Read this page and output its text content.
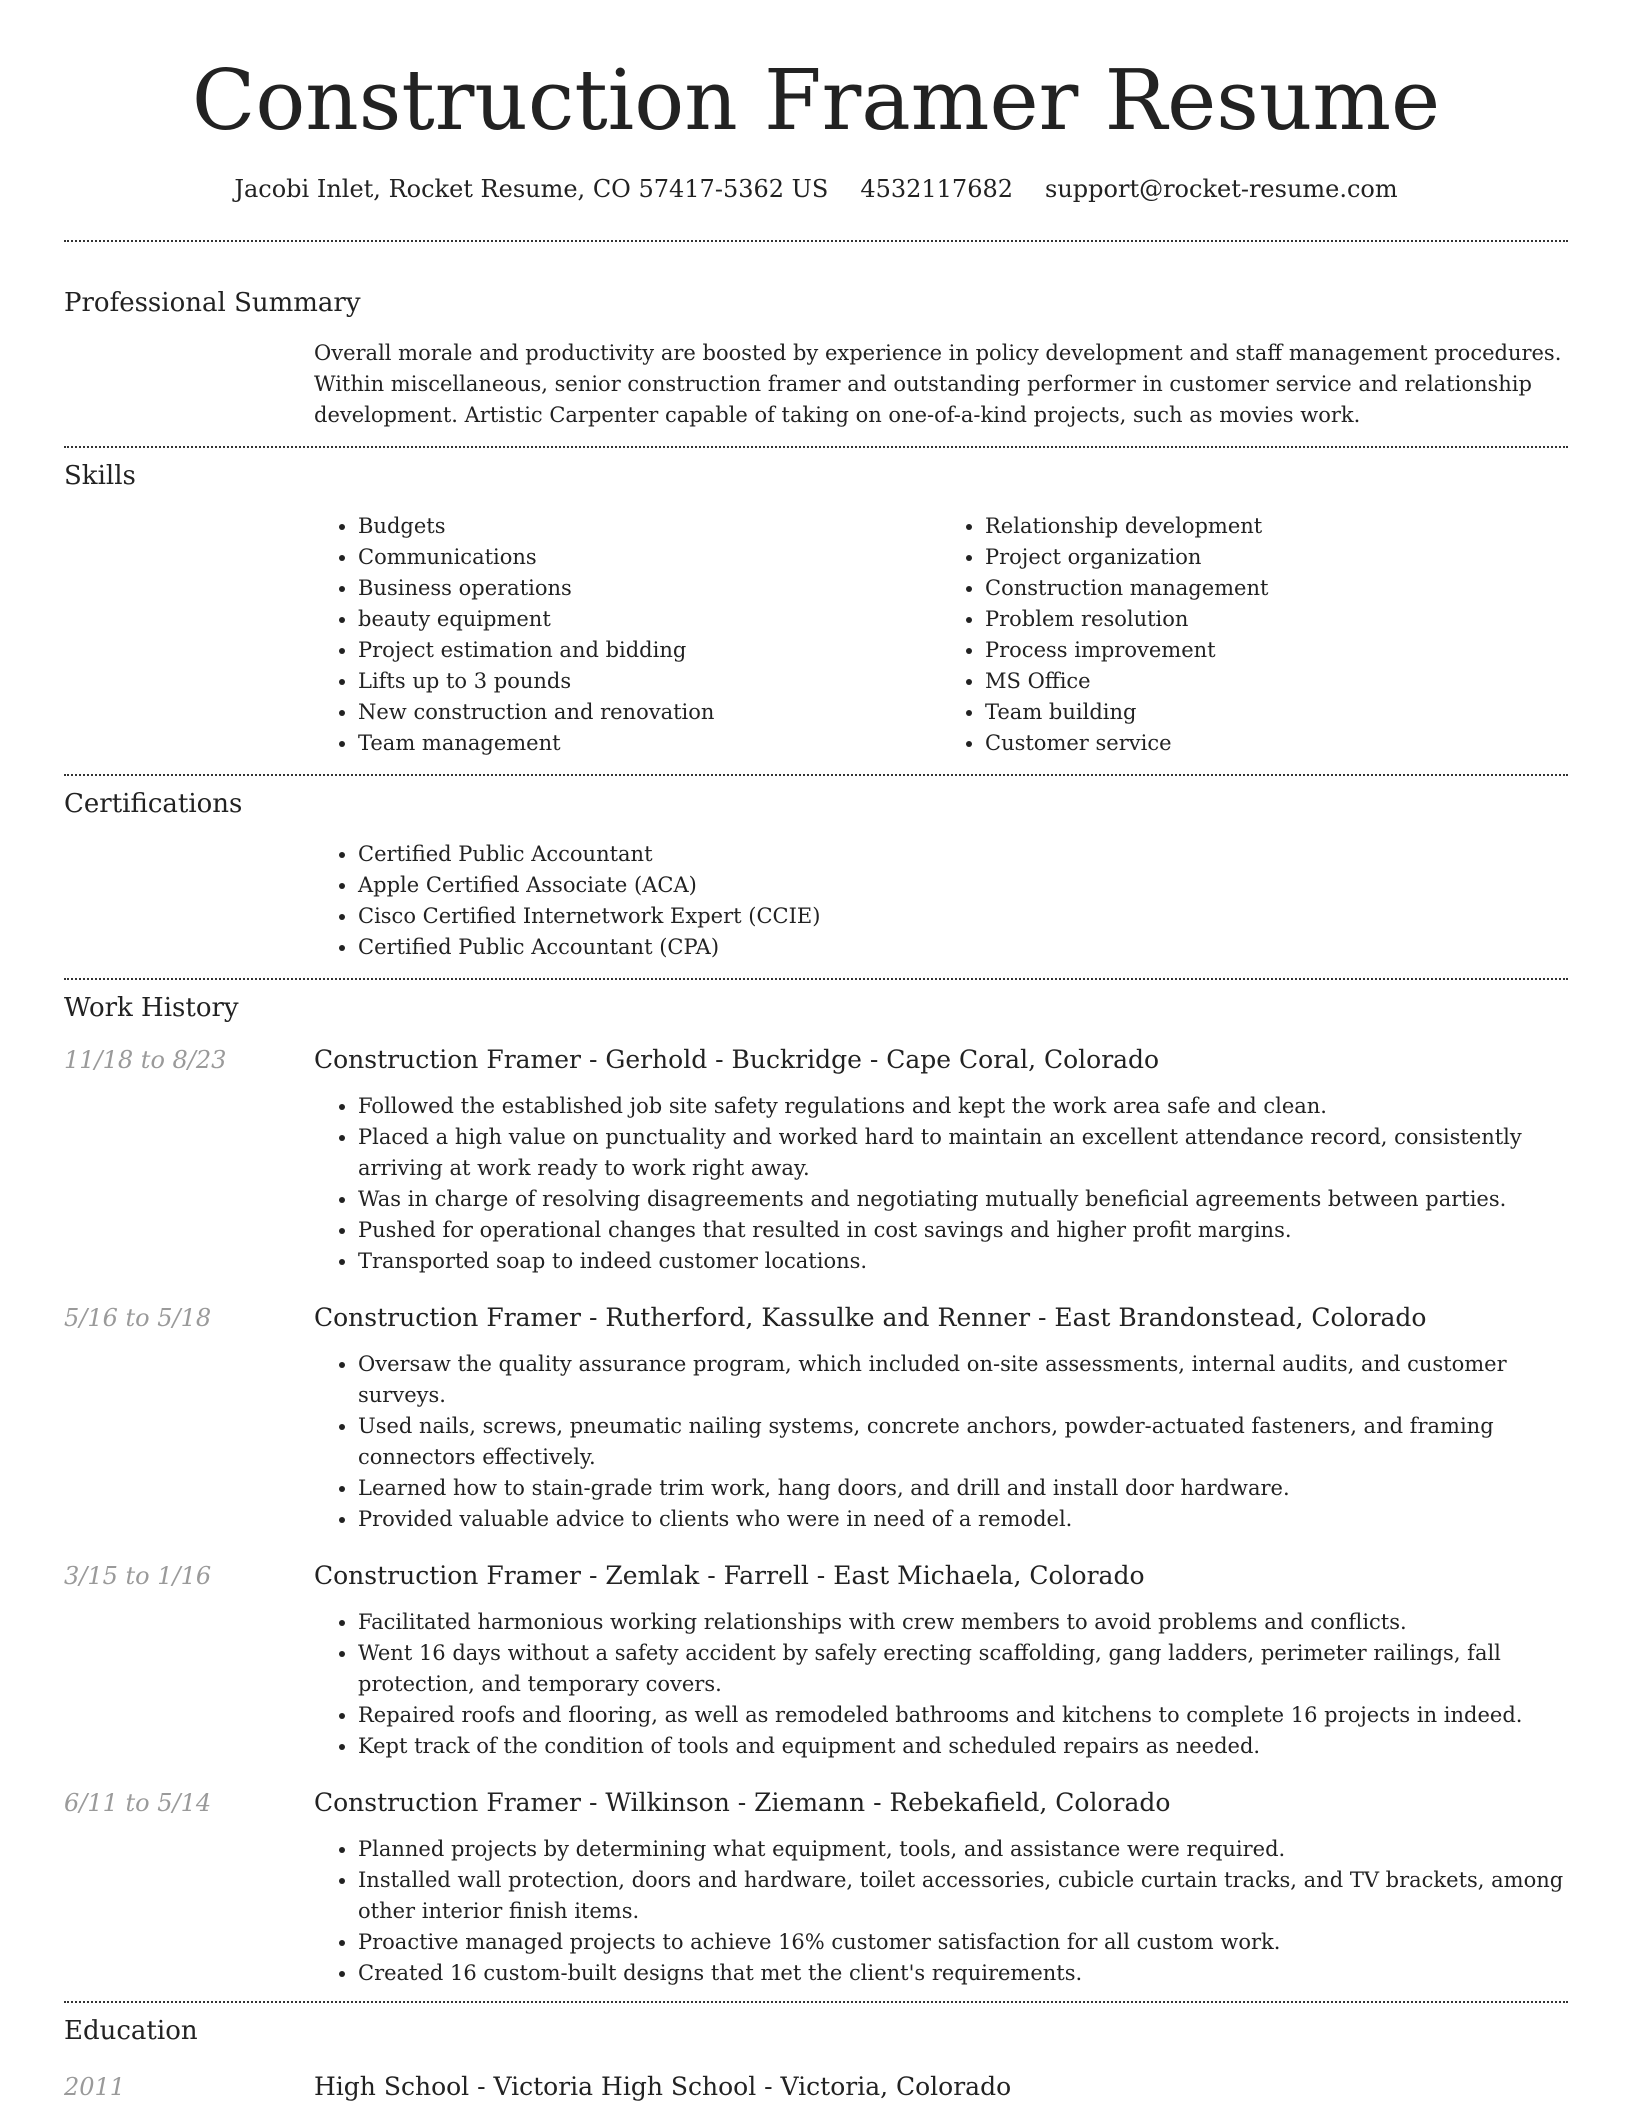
Construction Framer Resume
Jacobi Inlet, Rocket Resume, CO 57417-5362 US 4532117682 support@rocket-resume.com
Professional Summary

Overall morale and productivity are boosted by experience in policy development and staff management procedures. Within miscellaneous, senior construction framer and outstanding performer in customer service and relationship development. Artistic Carpenter capable of taking on one-of-a-kind projects, such as movies work.

Skills
• Budgets
• Communications
• Business operations
• beauty equipment
• Project estimation and bidding
• Lifts up to 3 pounds
• New construction and renovation
• Team management
• Relationship development
• Project organization
• Construction management
• Problem resolution
• Process improvement
• MS Office
• Team building
• Customer service
Certifications
• Certified Public Accountant
• Apple Certified Associate (ACA)
• Cisco Certified Internetwork Expert (CCIE)
• Certified Public Accountant (CPA)
Work History
11/18 to 8/23	Construction Framer - Gerhold - Buckridge - Cape Coral, Colorado
• Followed the established job site safety regulations and kept the work area safe and clean.
• Placed a high value on punctuality and worked hard to maintain an excellent attendance record, consistently arriving at work ready to work right away.
• Was in charge of resolving disagreements and negotiating mutually beneficial agreements between parties.
• Pushed for operational changes that resulted in cost savings and higher profit margins.
• Transported soap to indeed customer locations.
5/16 to 5/18	Construction Framer - Rutherford, Kassulke and Renner - East Brandonstead, Colorado
• Oversaw the quality assurance program, which included on-site assessments, internal audits, and customer surveys.
• Used nails, screws, pneumatic nailing systems, concrete anchors, powder-actuated fasteners, and framing connectors effectively.
• Learned how to stain-grade trim work, hang doors, and drill and install door hardware.
• Provided valuable advice to clients who were in need of a remodel.
3/15 to 1/16	Construction Framer - Zemlak - Farrell - East Michaela, Colorado
• Facilitated harmonious working relationships with crew members to avoid problems and conflicts.
• Went 16 days without a safety accident by safely erecting scaffolding, gang ladders, perimeter railings, fall protection, and temporary covers.
• Repaired roofs and flooring, as well as remodeled bathrooms and kitchens to complete 16 projects in indeed.
• Kept track of the condition of tools and equipment and scheduled repairs as needed.
6/11 to 5/14	Construction Framer - Wilkinson - Ziemann - Rebekafield, Colorado
• Planned projects by determining what equipment, tools, and assistance were required.
• Installed wall protection, doors and hardware, toilet accessories, cubicle curtain tracks, and TV brackets, among other interior finish items.
• Proactive managed projects to achieve 16% customer satisfaction for all custom work.
• Created 16 custom-built designs that met the client's requirements.
Education
2011	High School - Victoria High School - Victoria, Colorado
